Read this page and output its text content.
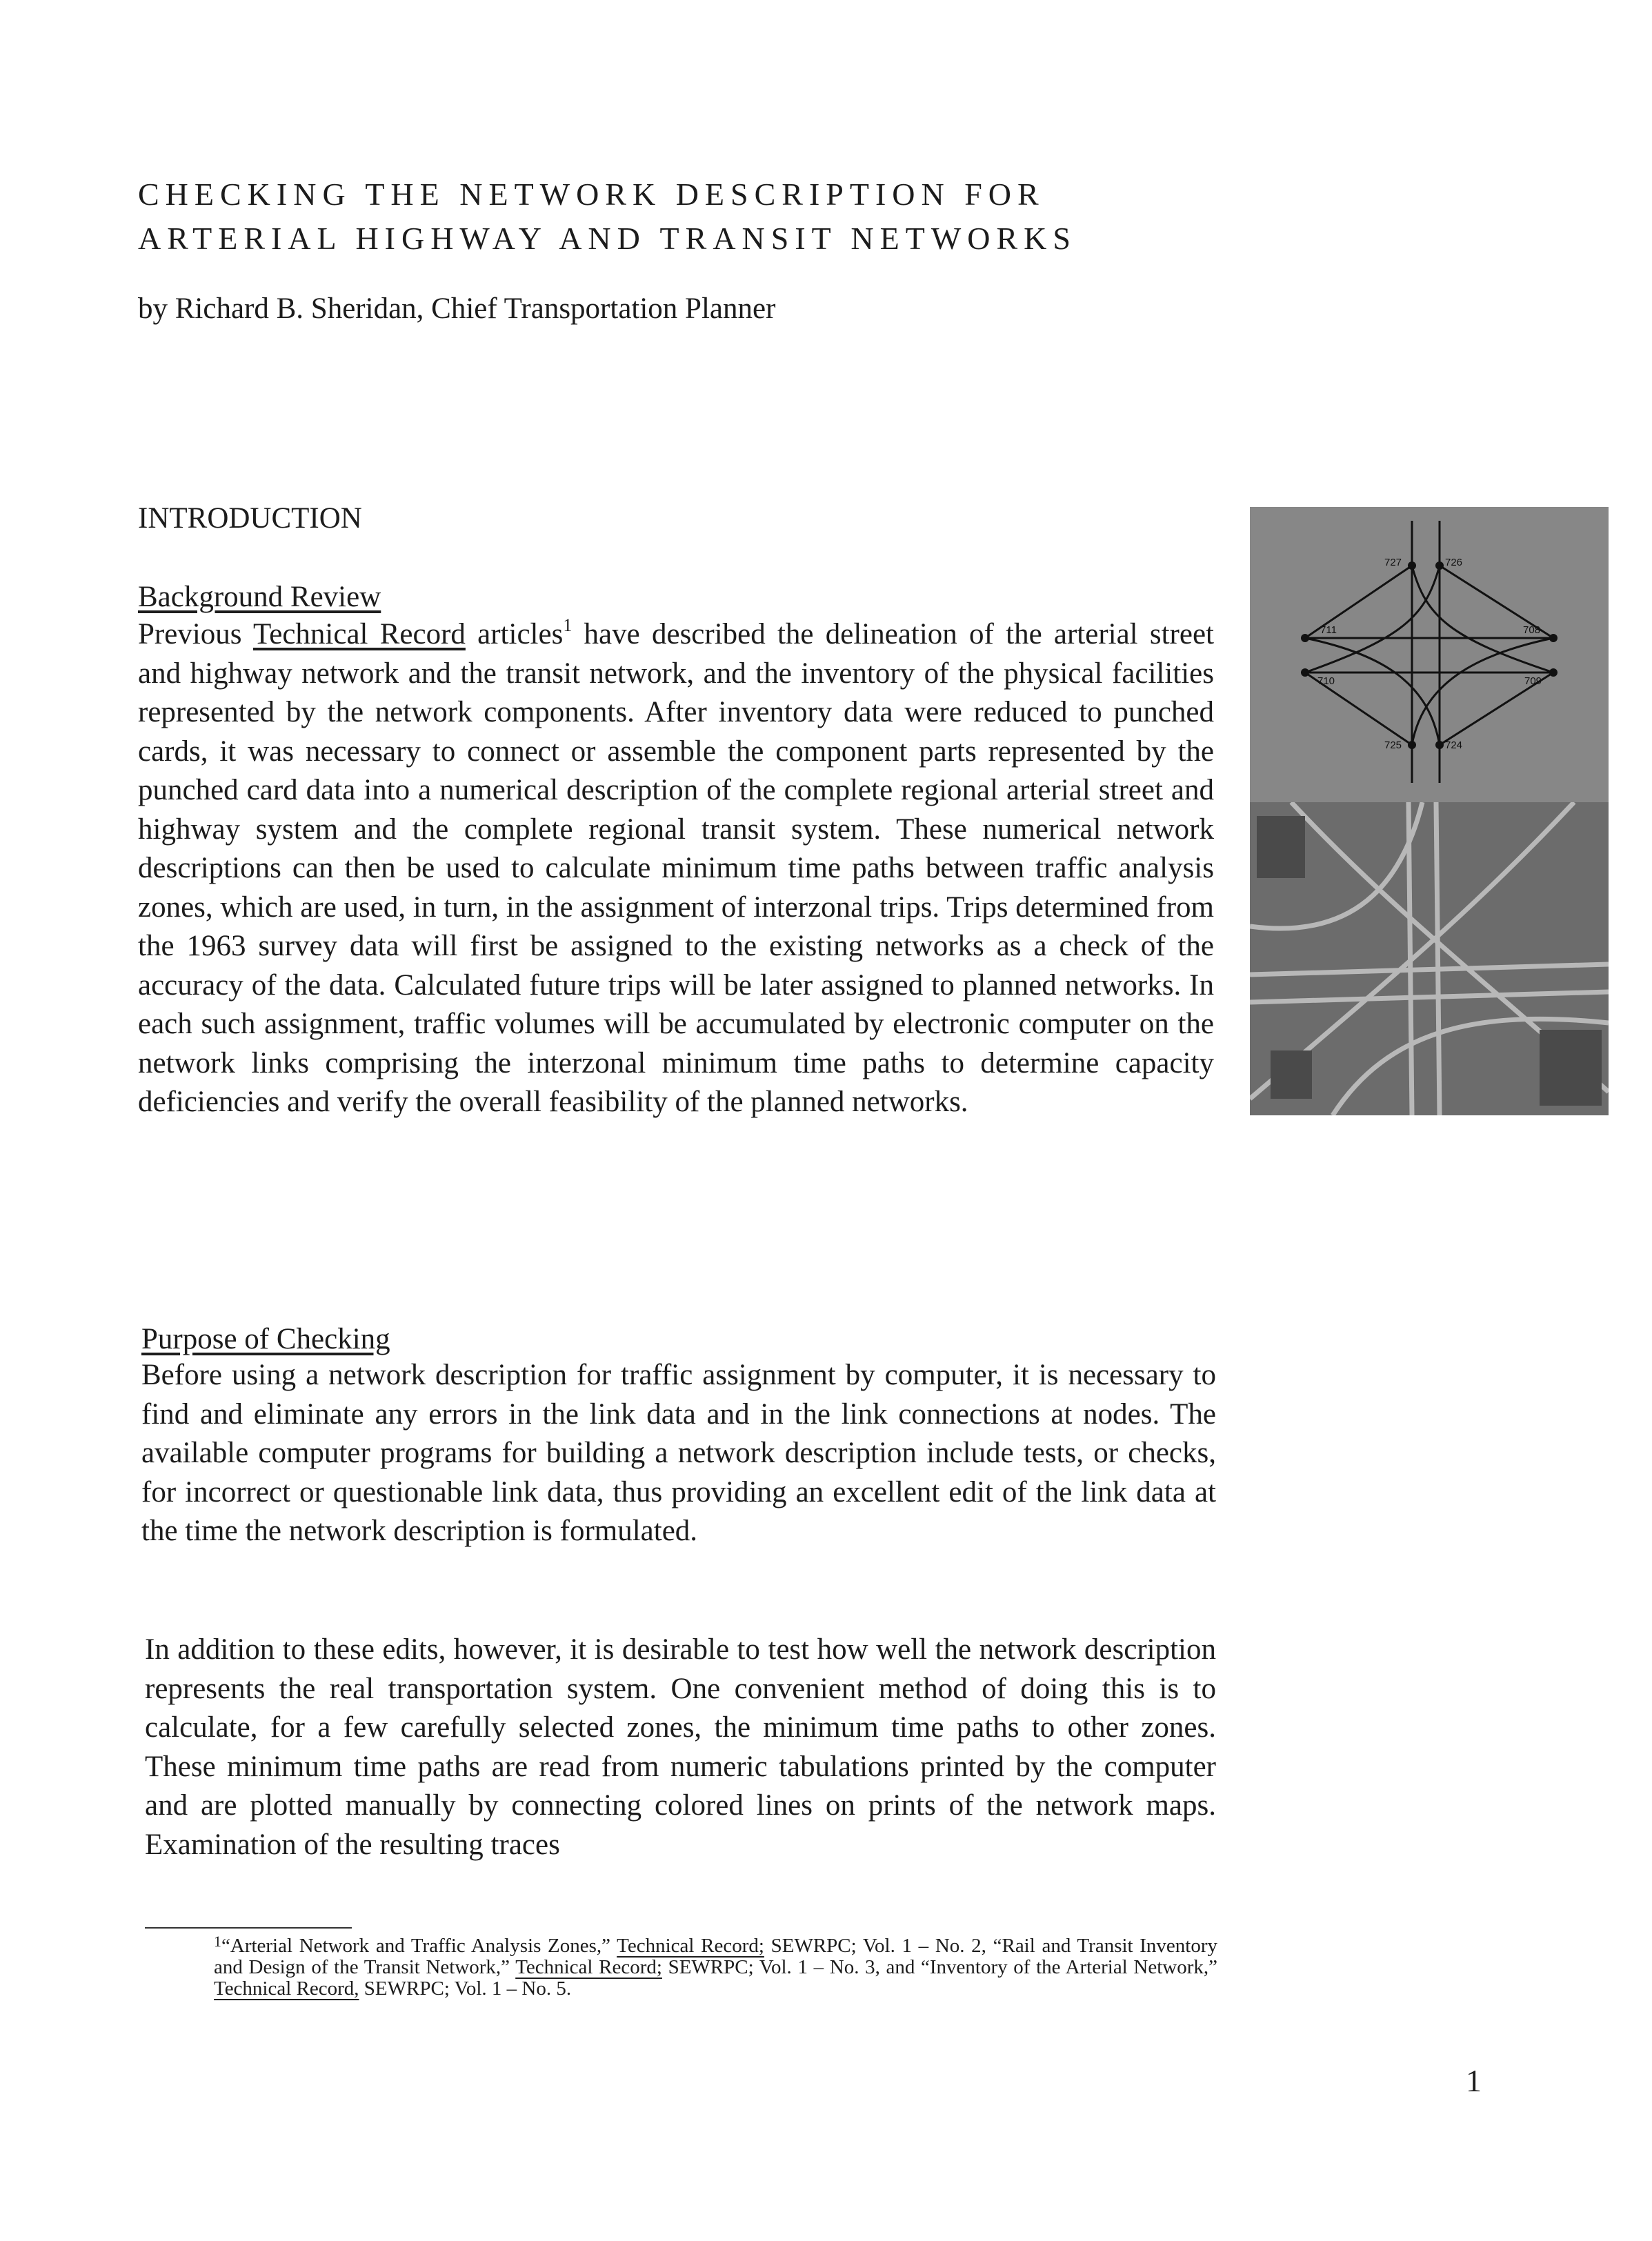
CHECKING THE NETWORK DESCRIPTION FOR
ARTERIAL HIGHWAY AND TRANSIT NETWORKS

by Richard B. Sheridan, Chief Transportation Planner

INTRODUCTION
Background Review

Previous Technical Record articles$^1$ have described the delineation of the arterial street and highway network and the transit network, and the inventory of the physical facilities represented by the network components. After inventory data were reduced to punched cards, it was necessary to connect or assemble the component parts represented by the punched card data into a numerical description of the complete regional arterial street and highway system and the complete regional transit system. These numerical network descriptions can then be used to calculate minimum time paths between traffic analysis zones, which are used, in turn, in the assignment of interzonal trips. Trips determined from the 1963 survey data will first be assigned to the existing networks as a check of the accuracy of the data. Calculated future trips will be later assigned to planned networks. In each such assignment, traffic volumes will be accumulated by electronic computer on the network links comprising the interzonal minimum time paths to determine capacity deficiencies and verify the overall feasibility of the planned networks.

727	726
711	708
710	709
725	724
Purpose of Checking

Before using a network description for traffic assignment by computer, it is necessary to find and eliminate any errors in the link data and in the link connections at nodes. The available computer programs for building a network description include tests, or checks, for incorrect or questionable link data, thus providing an excellent edit of the link data at the time the network description is formulated.

In addition to these edits, however, it is desirable to test how well the network description represents the real transportation system. One convenient method of doing this is to calculate, for a few carefully selected zones, the minimum time paths to other zones. These minimum time paths are read from numeric tabulations printed by the computer and are plotted manually by connecting colored lines on prints of the network maps. Examination of the resulting traces

$^1$“Arterial Network and Traffic Analysis Zones,” Technical Record; SEWRPC; Vol. 1 – No. 2, “Rail and Transit Inventory and Design of the Transit Network,” Technical Record; SEWRPC; Vol. 1 – No. 3, and “Inventory of the Arterial Network,” Technical Record, SEWRPC; Vol. 1 – No. 5.

1
